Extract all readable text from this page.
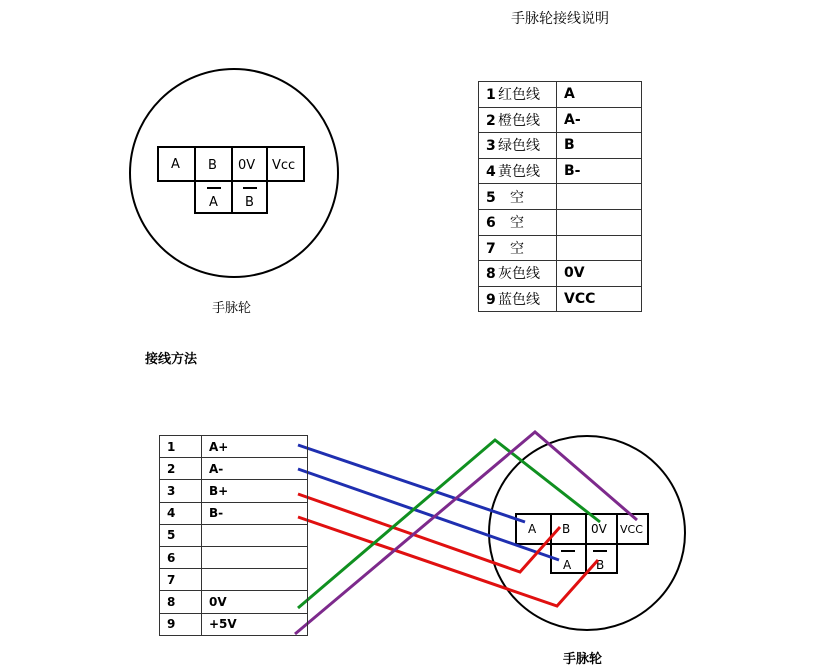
手脉轮接线说明
A B 0V Vcc
A B
A B 0V VCC
A B
手脉轮
1 红色线	A
2 橙色线	A-
3 绿色线	B
4 黄色线	B-
5 空	
6 空	
7 空	
8 灰色线	0V
9 蓝色线	VCC
接线方法
1	A+
2	A-
3	B+
4	B-
5	
6	
7	
8	0V
9	+5V
手脉轮
